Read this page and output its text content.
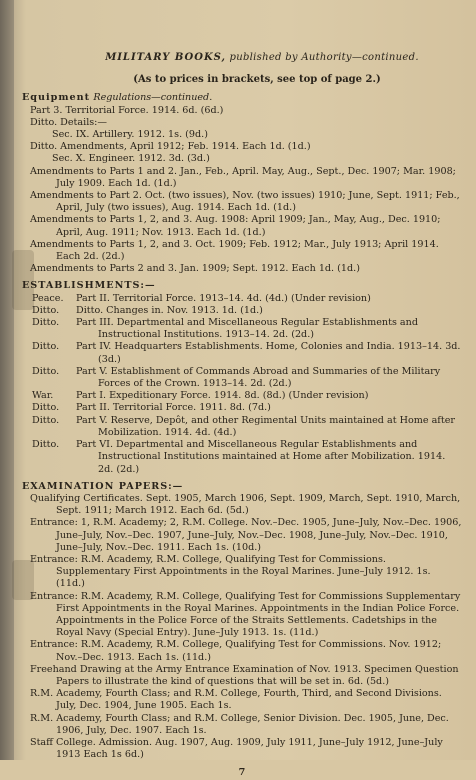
MILITARY BOOKS, published by Authority—continued.
(As to prices in brackets, see top of page 2.)
Equipment Regulations—continued.

Part 3. Territorial Force. 1914. 6d. (6d.)

Ditto. Details:—

Sec. IX. Artillery. 1912. 1s. (9d.)

Ditto. Amendments, April 1912; Feb. 1914. Each 1d. (1d.)

Sec. X. Engineer. 1912. 3d. (3d.)

Amendments to Parts 1 and 2. Jan., Feb., April. May, Aug., Sept., Dec. 1907; Mar. 1908; July 1909. Each 1d. (1d.)

Amendments to Part 2. Oct. (two issues), Nov. (two issues) 1910; June, Sept. 1911; Feb., April, July (two issues), Aug. 1914. Each 1d. (1d.)

Amendments to Parts 1, 2, and 3. Aug. 1908: April 1909; Jan., May, Aug., Dec. 1910; April, Aug. 1911; Nov. 1913. Each 1d. (1d.)

Amendments to Parts 1, 2, and 3. Oct. 1909; Feb. 1912; Mar., July 1913; April 1914. Each 2d. (2d.)

Amendments to Parts 2 and 3. Jan. 1909; Sept. 1912. Each 1d. (1d.)

ESTABLISHMENTS:—
Peace.	Part II. Territorial Force. 1913–14. 4d. (4d.) (Under revision)
Ditto.	Ditto. Changes in. Nov. 1913. 1d. (1d.)
Ditto.	Part III. Departmental and Miscellaneous Regular Establishments and Instructional Institutions. 1913–14. 2d. (2d.)
Ditto.	Part IV. Headquarters Establishments. Home, Colonies and India. 1913–14. 3d. (3d.)
Ditto.	Part V. Establishment of Commands Abroad and Summaries of the Military Forces of the Crown. 1913–14. 2d. (2d.)
War.	Part I. Expeditionary Force. 1914. 8d. (8d.) (Under revision)
Ditto.	Part II. Territorial Force. 1911. 8d. (7d.)
Ditto.	Part V. Reserve, Depôt, and other Regimental Units maintained at Home after Mobilization. 1914. 4d. (4d.)
Ditto.	Part VI. Departmental and Miscellaneous Regular Establishments and Instructional Institutions maintained at Home after Mobilization. 1914. 2d. (2d.)
EXAMINATION PAPERS:—

Qualifying Certificates. Sept. 1905, March 1906, Sept. 1909, March, Sept. 1910, March, Sept. 1911; March 1912. Each 6d. (5d.)

Entrance: 1, R.M. Academy; 2, R.M. College. Nov.–Dec. 1905, June–July, Nov.–Dec. 1906, June–July, Nov.–Dec. 1907, June–July, Nov.–Dec. 1908, June–July, Nov.–Dec. 1910, June–July, Nov.–Dec. 1911. Each 1s. (10d.)

Entrance: R.M. Academy, R.M. College, Qualifying Test for Commissions. Supplementary First Appointments in the Royal Marines. June–July 1912. 1s. (11d.)

Entrance: R.M. Academy, R.M. College, Qualifying Test for Commissions Supplementary First Appointments in the Royal Marines. Appointments in the Indian Police Force. Appointments in the Police Force of the Straits Settlements. Cadetships in the Royal Navy (Special Entry). June–July 1913. 1s. (11d.)

Entrance: R.M. Academy, R.M. College, Qualifying Test for Commissions. Nov. 1912; Nov.–Dec. 1913. Each 1s. (11d.)

Freehand Drawing at the Army Entrance Examination of Nov. 1913. Specimen Question Papers to illustrate the kind of questions that will be set in. 6d. (5d.)

R.M. Academy, Fourth Class; and R.M. College, Fourth, Third, and Second Divisions. July, Dec. 1904, June 1905. Each 1s.

R.M. Academy, Fourth Class; and R.M. College, Senior Division. Dec. 1905, June, Dec. 1906, July, Dec. 1907. Each 1s.

Staff College. Admission. Aug. 1907, Aug. 1909, July 1911, June–July 1912, June–July 1913 Each 1s 6d.)

7
